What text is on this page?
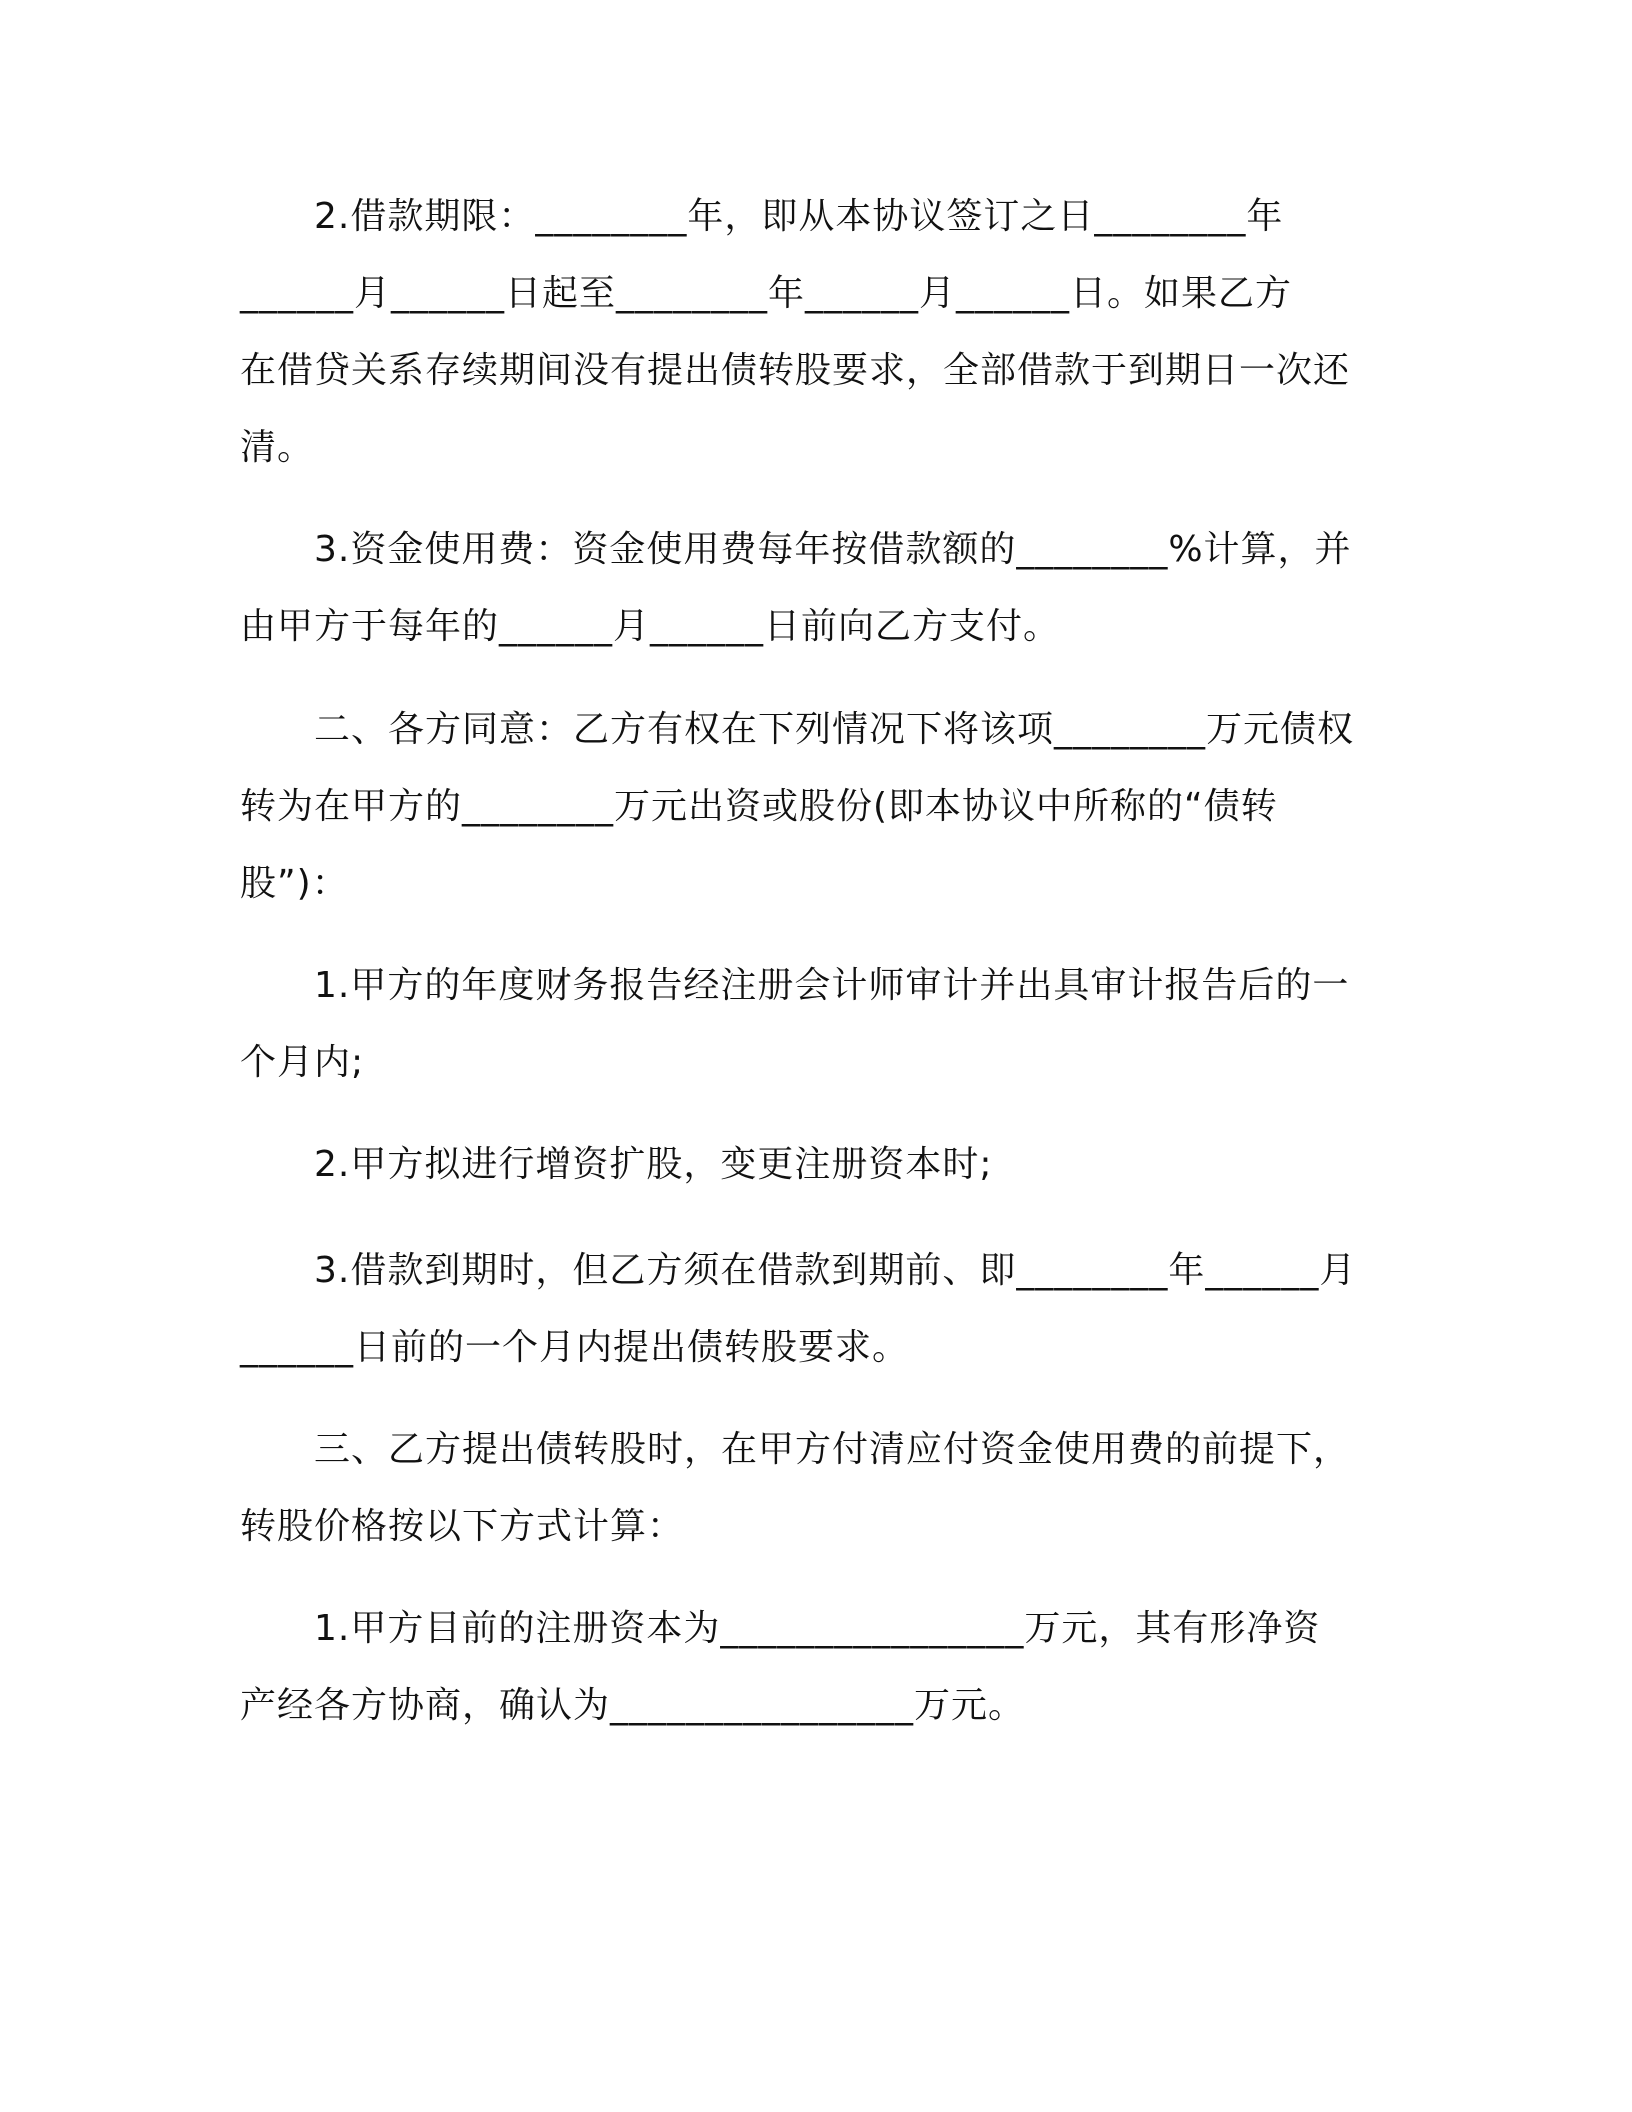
2.借款期限：________年，即从本协议签订之日________年
______月______日起至________年______月______日。如果乙方
在借贷关系存续期间没有提出债转股要求，全部借款于到期日一次还
清。
3.资金使用费：资金使用费每年按借款额的________%计算，并
由甲方于每年的______月______日前向乙方支付。
二、各方同意：乙方有权在下列情况下将该项________万元债权
转为在甲方的________万元出资或股份(即本协议中所称的“债转
股”)：
1.甲方的年度财务报告经注册会计师审计并出具审计报告后的一
个月内;
2.甲方拟进行增资扩股，变更注册资本时;
3.借款到期时，但乙方须在借款到期前、即________年______月
______日前的一个月内提出债转股要求。
三、乙方提出债转股时，在甲方付清应付资金使用费的前提下，
转股价格按以下方式计算：
1.甲方目前的注册资本为________________万元，其有形净资
产经各方协商，确认为________________万元。
